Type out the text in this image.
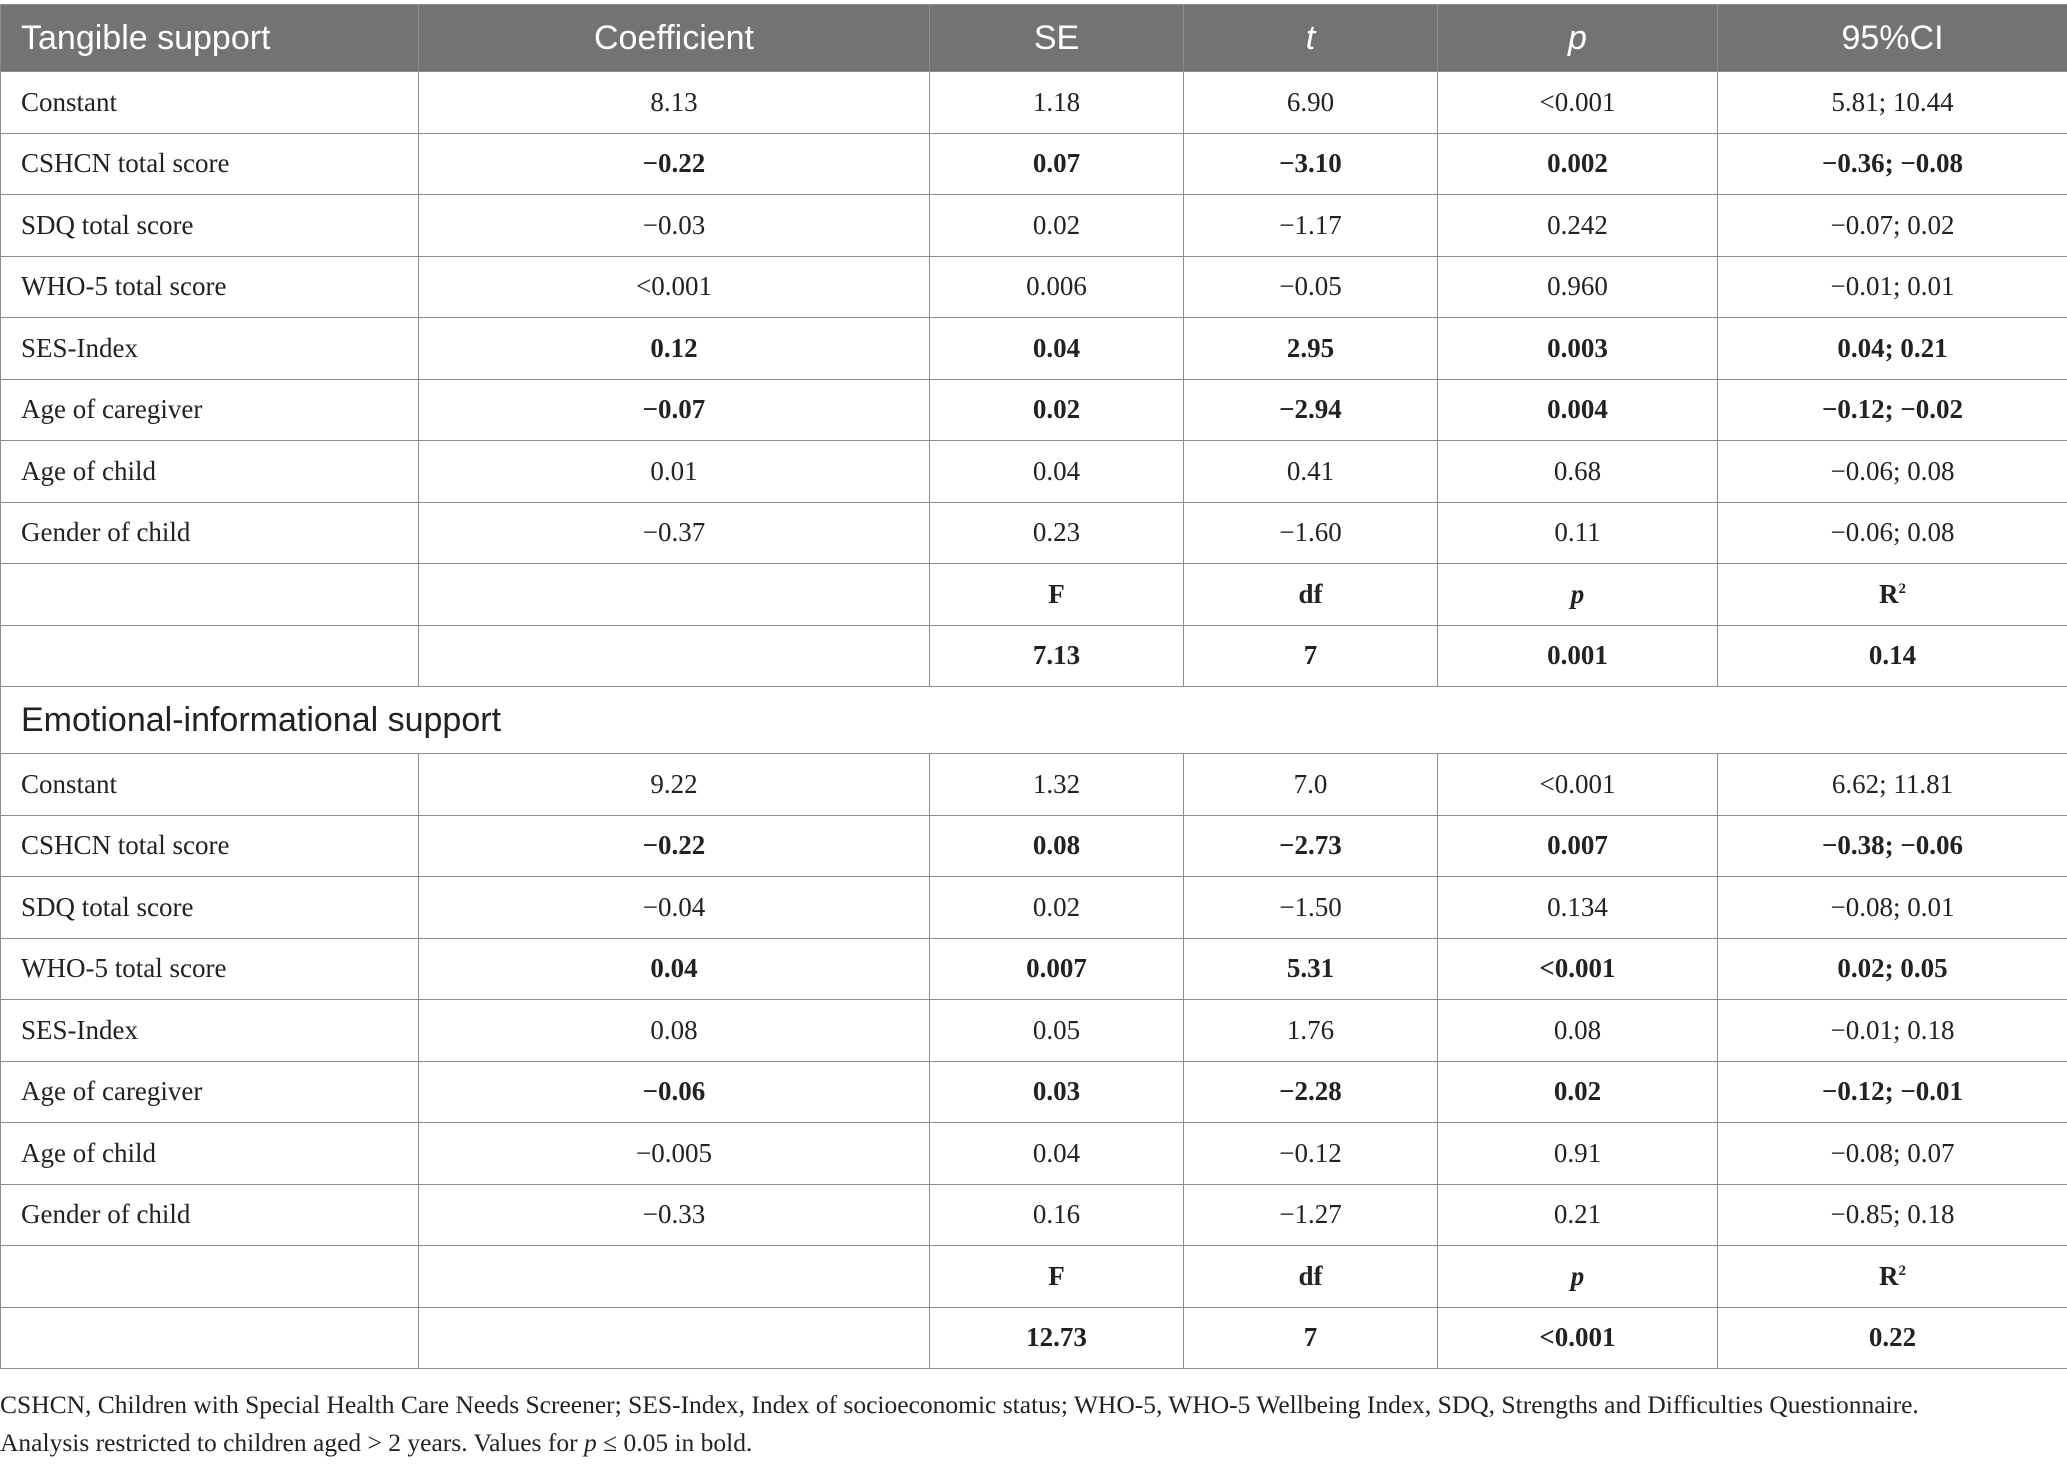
Tangible support	Coefficient	SE	t	p	95%CI
Constant	8.13	1.18	6.90	<0.001	5.81; 10.44
CSHCN total score	−0.22	0.07	−3.10	0.002	−0.36; −0.08
SDQ total score	−0.03	0.02	−1.17	0.242	−0.07; 0.02
WHO-5 total score	<0.001	0.006	−0.05	0.960	−0.01; 0.01
SES-Index	0.12	0.04	2.95	0.003	0.04; 0.21
Age of caregiver	−0.07	0.02	−2.94	0.004	−0.12; −0.02
Age of child	0.01	0.04	0.41	0.68	−0.06; 0.08
Gender of child	−0.37	0.23	−1.60	0.11	−0.06; 0.08
		F	df	p	$R^2$
		7.13	7	0.001	0.14
Emotional-informational support					
Constant	9.22	1.32	7.0	<0.001	6.62; 11.81
CSHCN total score	−0.22	0.08	−2.73	0.007	−0.38; −0.06
SDQ total score	−0.04	0.02	−1.50	0.134	−0.08; 0.01
WHO-5 total score	0.04	0.007	5.31	<0.001	0.02; 0.05
SES-Index	0.08	0.05	1.76	0.08	−0.01; 0.18
Age of caregiver	−0.06	0.03	−2.28	0.02	−0.12; −0.01
Age of child	−0.005	0.04	−0.12	0.91	−0.08; 0.07
Gender of child	−0.33	0.16	−1.27	0.21	−0.85; 0.18
		F	df	p	$R^2$
		12.73	7	<0.001	0.22
CSHCN, Children with Special Health Care Needs Screener; SES-Index, Index of socioeconomic status; WHO-5, WHO-5 Wellbeing Index, SDQ, Strengths and Difficulties Questionnaire.
Analysis restricted to children aged > 2 years. Values for p ≤ 0.05 in bold.
